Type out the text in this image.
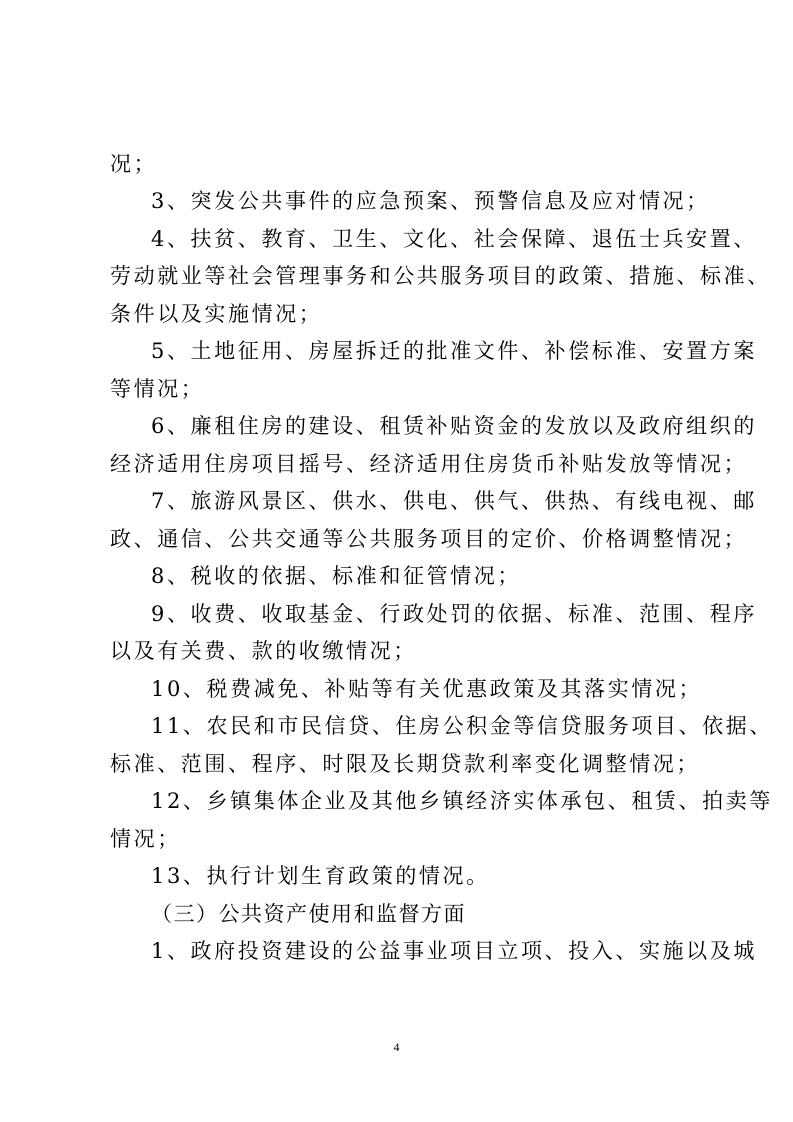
况；
3、突发公共事件的应急预案、预警信息及应对情况；
4、扶贫、教育、卫生、文化、社会保障、退伍士兵安置、
劳动就业等社会管理事务和公共服务项目的政策、措施、标准、
条件以及实施情况；
5、土地征用、房屋拆迁的批准文件、补偿标准、安置方案
等情况；
6、廉租住房的建设、租赁补贴资金的发放以及政府组织的
经济适用住房项目摇号、经济适用住房货币补贴发放等情况；
7、旅游风景区、供水、供电、供气、供热、有线电视、邮
政、通信、公共交通等公共服务项目的定价、价格调整情况；
8、税收的依据、标准和征管情况；
9、收费、收取基金、行政处罚的依据、标准、范围、程序
以及有关费、款的收缴情况；
10、税费减免、补贴等有关优惠政策及其落实情况；
11、农民和市民信贷、住房公积金等信贷服务项目、依据、
标准、范围、程序、时限及长期贷款利率变化调整情况；
12、乡镇集体企业及其他乡镇经济实体承包、租赁、拍卖等
情况；
13、执行计划生育政策的情况。
（三）公共资产使用和监督方面
1、政府投资建设的公益事业项目立项、投入、实施以及城
4
